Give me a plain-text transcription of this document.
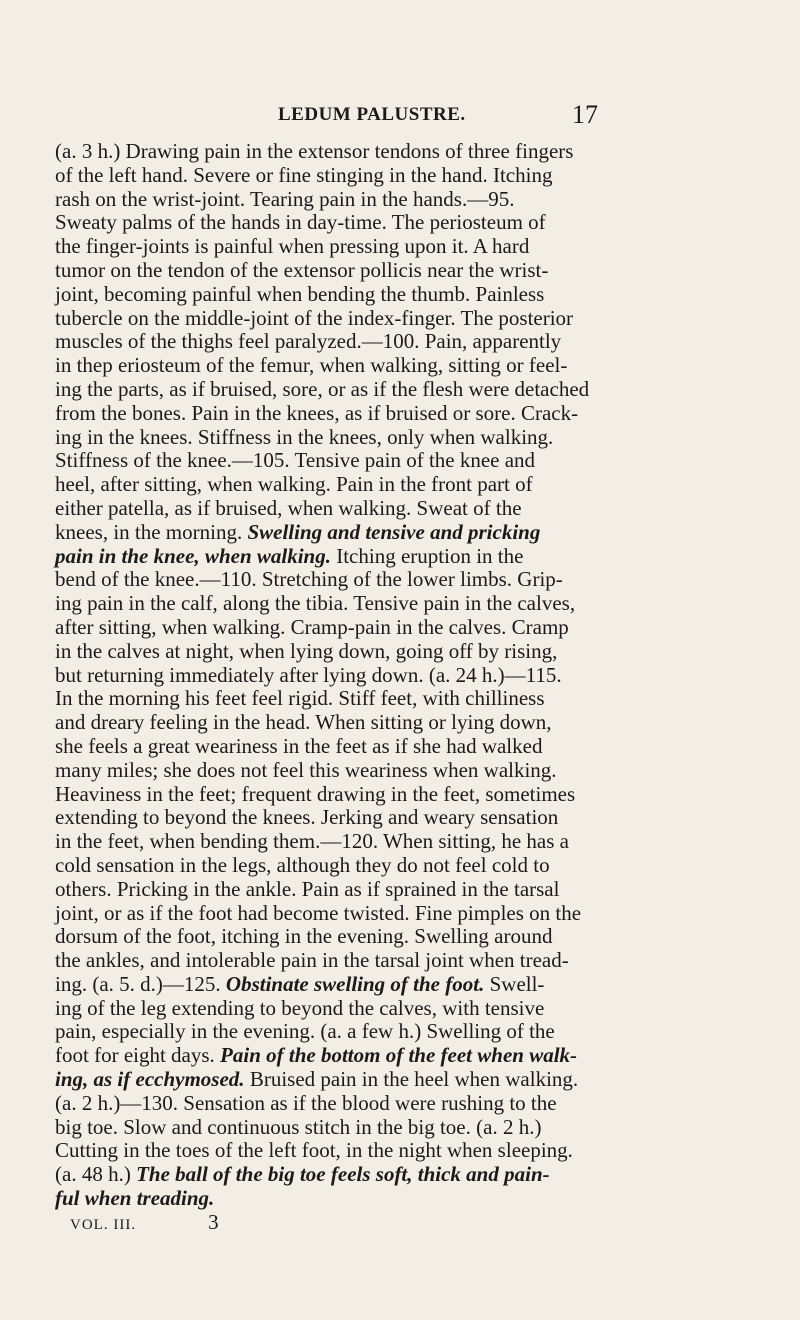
LEDUM PALUSTRE.	17
(a. 3 h.) Drawing pain in the extensor tendons of three fingers
of the left hand. Severe or fine stinging in the hand. Itching
rash on the wrist-joint. Tearing pain in the hands.—95.
Sweaty palms of the hands in day-time. The periosteum of
the finger-joints is painful when pressing upon it. A hard
tumor on the tendon of the extensor pollicis near the wrist-
joint, becoming painful when bending the thumb. Painless
tubercle on the middle-joint of the index-finger. The posterior
muscles of the thighs feel paralyzed.—100. Pain, apparently
in thep eriosteum of the femur, when walking, sitting or feel-
ing the parts, as if bruised, sore, or as if the flesh were detached
from the bones. Pain in the knees, as if bruised or sore. Crack-
ing in the knees. Stiffness in the knees, only when walking.
Stiffness of the knee.—105. Tensive pain of the knee and
heel, after sitting, when walking. Pain in the front part of
either patella, as if bruised, when walking. Sweat of the
knees, in the morning. Swelling and tensive and pricking
pain in the knee, when walking. Itching eruption in the
bend of the knee.—110. Stretching of the lower limbs. Grip-
ing pain in the calf, along the tibia. Tensive pain in the calves,
after sitting, when walking. Cramp-pain in the calves. Cramp
in the calves at night, when lying down, going off by rising,
but returning immediately after lying down. (a. 24 h.)—115.
In the morning his feet feel rigid. Stiff feet, with chilliness
and dreary feeling in the head. When sitting or lying down,
she feels a great weariness in the feet as if she had walked
many miles; she does not feel this weariness when walking.
Heaviness in the feet; frequent drawing in the feet, sometimes
extending to beyond the knees. Jerking and weary sensation
in the feet, when bending them.—120. When sitting, he has a
cold sensation in the legs, although they do not feel cold to
others. Pricking in the ankle. Pain as if sprained in the tarsal
joint, or as if the foot had become twisted. Fine pimples on the
dorsum of the foot, itching in the evening. Swelling around
the ankles, and intolerable pain in the tarsal joint when tread-
ing. (a. 5. d.)—125. Obstinate swelling of the foot. Swell-
ing of the leg extending to beyond the calves, with tensive
pain, especially in the evening. (a. a few h.) Swelling of the
foot for eight days. Pain of the bottom of the feet when walk-
ing, as if ecchymosed. Bruised pain in the heel when walking.
(a. 2 h.)—130. Sensation as if the blood were rushing to the
big toe. Slow and continuous stitch in the big toe. (a. 2 h.)
Cutting in the toes of the left foot, in the night when sleeping.
(a. 48 h.) The ball of the big toe feels soft, thick and pain-
ful when treading.
VOL. III.	3
